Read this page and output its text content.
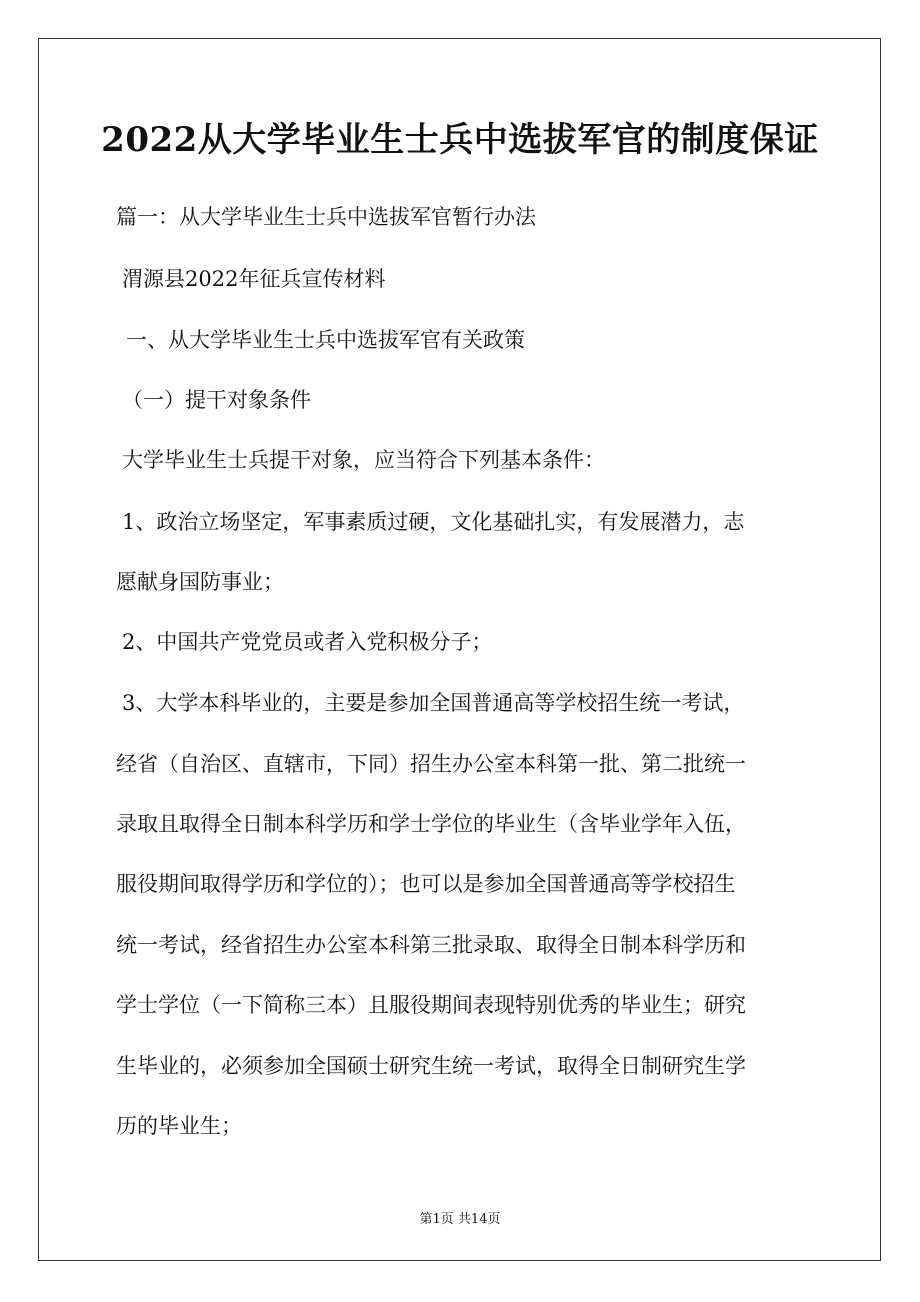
2022从大学毕业生士兵中选拔军官的制度保证
篇一：从大学毕业生士兵中选拔军官暂行办法
渭源县2022年征兵宣传材料
一、从大学毕业生士兵中选拔军官有关政策
（一）提干对象条件
大学毕业生士兵提干对象，应当符合下列基本条件：
1、政治立场坚定，军事素质过硬，文化基础扎实，有发展潜力，志
愿献身国防事业；
2、中国共产党党员或者入党积极分子；
3、大学本科毕业的，主要是参加全国普通高等学校招生统一考试，
经省（自治区、直辖市，下同）招生办公室本科第一批、第二批统一
录取且取得全日制本科学历和学士学位的毕业生（含毕业学年入伍，
服役期间取得学历和学位的）；也可以是参加全国普通高等学校招生
统一考试，经省招生办公室本科第三批录取、取得全日制本科学历和
学士学位（一下简称三本）且服役期间表现特别优秀的毕业生；研究
生毕业的，必须参加全国硕士研究生统一考试，取得全日制研究生学
历的毕业生；
第1页 共14页
